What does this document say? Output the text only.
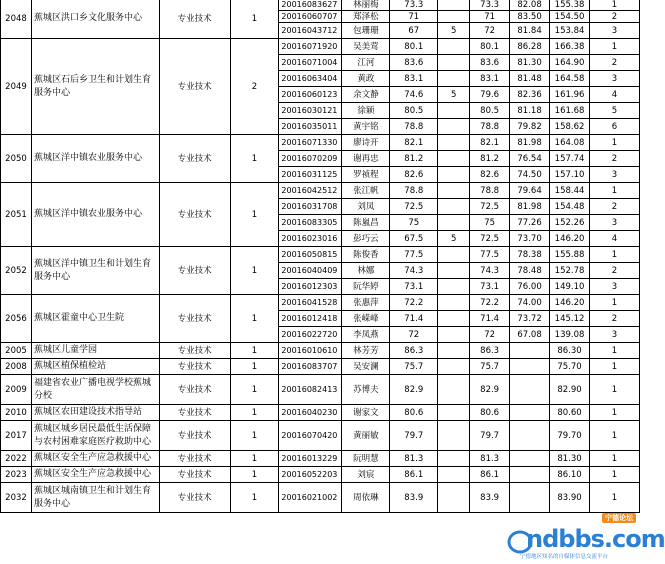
2048	蕉城区洪口乡文化服务中心	专业技术	1	20016083627	林丽梅	73.3		73.3	82.08	155.38	1
				20016060707	郑泽松	71		71	83.50	154.50	2
				20016043712	包珊珊	67	5	72	81.84	153.84	3
2049	蕉城区石后乡卫生和计划生育服务中心	专业技术	2	20016071920	吴美莺	80.1		80.1	86.28	166.38	1
				20016071004	江河	83.6		83.6	81.30	164.90	2
				20016063404	黄政	83.1		83.1	81.48	164.58	3
				20016060123	余文静	74.6	5	79.6	82.36	161.96	4
				20016030121	徐颖	80.5		80.5	81.18	161.68	5
				20016035011	黄宇铭	78.8		78.8	79.82	158.62	6
2050	蕉城区洋中镇农业服务中心	专业技术	1	20016071330	廖诗开	82.1		82.1	81.98	164.08	1
				20016070209	谢再忠	81.2		81.2	76.54	157.74	2
				20016031125	罗祯程	82.6		82.6	74.50	157.10	3
2051	蕉城区洋中镇农业服务中心	专业技术	1	20016042512	张江帆	78.8		78.8	79.64	158.44	1
				20016031708	刘凤	72.5		72.5	81.98	154.48	2
				20016083305	陈嵐昌	75		75	77.26	152.26	3
				20016023016	彭巧云	67.5	5	72.5	73.70	146.20	4
2052	蕉城区洋中镇卫生和计划生育服务中心	专业技术	1	20016050815	陈俊香	77.5		77.5	78.38	155.88	1
				20016040409	林娜	74.3		74.3	78.48	152.78	2
				20016012303	阮华婷	73.1		73.1	76.00	149.10	3
2056	蕉城区霍童中心卫生院	专业技术	1	20016041528	张惠萍	72.2		72.2	74.00	146.20	1
				20016012418	张嵘峰	71.4		71.4	73.72	145.12	2
				20016022720	李凤燕	72		72	67.08	139.08	3
2005	蕉城区儿童学园	专业技术	1	20016010610	林芳芳	86.3		86.3		86.30	1
2008	蕉城区植保植检站	专业技术	1	20016083707	吴安澜	75.7		75.7		75.70	1
2009	福建省农业广播电视学校蕉城分校	专业技术	1	20016082413	苏博夫	82.9		82.9		82.90	1
2010	蕉城区农田建设技术指导站	专业技术	1	20016040230	谢家文	80.6		80.6		80.60	1
2017	蕉城区城乡居民最低生活保障与农村困难家庭医疗救助中心	专业技术	1	20016070420	黄丽敏	79.7		79.7		79.70	1
2022	蕉城区安全生产应急救援中心	专业技术	1	20016013229	阮明慧	81.3		81.3		81.30	1
2023	蕉城区安全生产应急救援中心	专业技术	1	20016052203	刘宸	86.1		86.1		86.10	1
2032	蕉城区城南镇卫生和计划生育服务中心	专业技术	1	20016021002	周依琳	83.9		83.9		83.90	1
宁德论坛
ndbbs.com
宁德地区知名的自媒体信息交流平台
